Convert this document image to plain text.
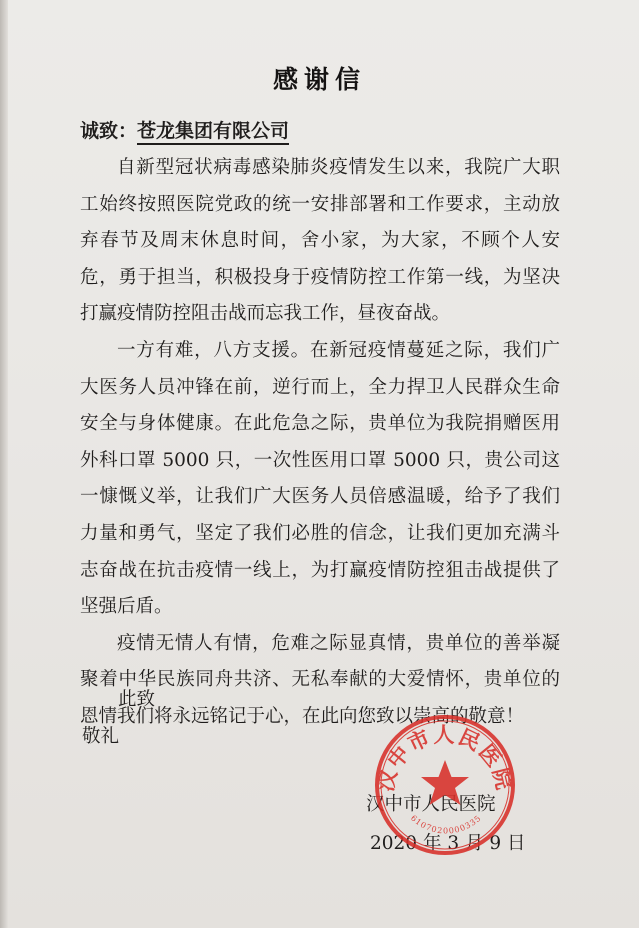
感谢信
诚致：苍龙集团有限公司

自新型冠状病毒感染肺炎疫情发生以来，我院广大职工始终按照医院党政的统一安排部署和工作要求，主动放弃春节及周末休息时间，舍小家，为大家，不顾个人安危，勇于担当，积极投身于疫情防控工作第一线，为坚决打赢疫情防控阻击战而忘我工作，昼夜奋战。

一方有难，八方支援。在新冠疫情蔓延之际，我们广大医务人员冲锋在前，逆行而上，全力捍卫人民群众生命安全与身体健康。在此危急之际，贵单位为我院捐赠医用外科口罩 5000 只，一次性医用口罩 5000 只，贵公司这一慷慨义举，让我们广大医务人员倍感温暖，给予了我们力量和勇气，坚定了我们必胜的信念，让我们更加充满斗志奋战在抗击疫情一线上，为打赢疫情防控狙击战提供了坚强后盾。

疫情无情人有情，危难之际显真情，贵单位的善举凝聚着中华民族同舟共济、无私奉献的大爱情怀，贵单位的恩情我们将永远铭记于心，在此向您致以崇高的敬意！

此致
敬礼
汉中市人民医院
2020 年 3 月 9 日
汉中市人民医院
6107020000335
